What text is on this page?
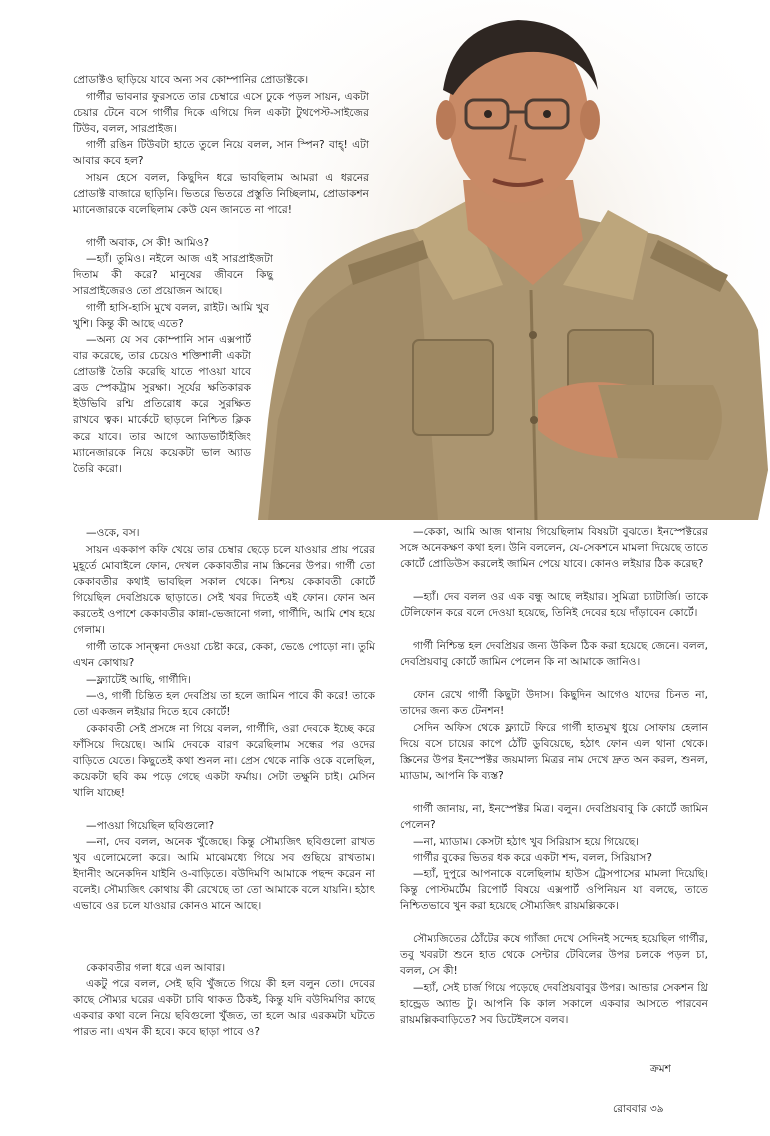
প্রোডাক্টও ছাড়িয়ে যাবে অন্য সব কোম্পানির প্রোডাক্টকে।
গার্গীর ভাবনার ফুরসতে তার চেম্বারে এসে ঢুকে পড়ল সায়ন, একটা চেয়ার টেনে বসে গার্গীর দিকে এগিয়ে দিল একটা টুথপেস্ট-সাইজের টিউব, বলল, সারপ্রাইজ।
গার্গী রঙিন টিউবটা হাতে তুলে নিয়ে বলল, সান স্পিন? বাহ্! এটা আবার কবে হল?
সায়ন হেসে বলল, কিছুদিন ধরে ভাবছিলাম আমরা এ ধরনের প্রোডাক্ট বাজারে ছাড়িনি। ভিতরে ভিতরে প্রস্তুতি নিচ্ছিলাম, প্রোডাকশন ম্যানেজারকে বলেছিলাম কেউ যেন জানতে না পারে!
গার্গী অবাক, সে কী! আমিও?
—হ্যাঁ। তুমিও। নইলে আজ এই সারপ্রাইজটা দিতাম কী করে? মানুষের জীবনে কিছু সারপ্রাইজেরও তো প্রয়োজন আছে।
গার্গী হাসি-হাসি মুখে বলল, রাইট। আমি খুব খুশি। কিন্তু কী আছে এতে?
—অন্য যে সব কোম্পানি সান এক্সপার্ট বার করেছে, তার চেয়েও শক্তিশালী একটা প্রোডাক্ট তৈরি করেছি যাতে পাওয়া যাবে ব্রড স্পেকট্রাম সুরক্ষা। সূর্যের ক্ষতিকারক ইউভিবি রশ্মি প্রতিরোধ করে সুরক্ষিত রাখবে ত্বক। মার্কেটে ছাড়লে নিশ্চিত ক্লিক করে যাবে। তার আগে অ্যাডভার্টাইজিং ম্যানেজারকে নিয়ে কয়েকটা ভাল অ্যাড তৈরি করো।
—ওকে, বস।
সায়ন এককাপ কফি খেয়ে তার চেম্বার ছেড়ে চলে যাওয়ার প্রায় পরের মুহূর্তে মোবাইলে ফোন, দেখল কেকাবতীর নাম স্ক্রিনের উপর। গার্গী তো কেকাবতীর কথাই ভাবছিল সকাল থেকে। নিশ্চয় কেকাবতী কোর্টে গিয়েছিল দেবপ্রিয়কে ছাড়াতে। সেই খবর দিতেই এই ফোন। ফোন অন করতেই ওপাশে কেকাবতীর কান্না-ভেজানো গলা, গার্গীদি, আমি শেষ হয়ে গেলাম।
গার্গী তাকে সান্ত্বনা দেওয়া চেষ্টা করে, কেকা, ভেঙে পোড়ো না। তুমি এখন কোথায়?
—ফ্ল্যাটেই আছি, গার্গীদি।
—ও, গার্গী চিন্তিত হল দেবপ্রিয় তা হলে জামিন পাবে কী করে! তাকে তো একজন লইয়ার দিতে হবে কোর্টে!
কেকাবতী সেই প্রসঙ্গে না গিয়ে বলল, গার্গীদি, ওরা দেবকে ইচ্ছে করে ফাঁসিয়ে দিয়েছে। আমি দেবকে বারণ করেছিলাম সন্ধের পর ওদের বাড়িতে যেতে। কিছুতেই কথা শুনল না। প্রেস থেকে নাকি ওকে বলেছিল, কয়েকটা ছবি কম পড়ে গেছে একটা ফর্মায়। সেটা তক্ষুনি চাই। মেসিন খালি যাচ্ছে!
—পাওয়া গিয়েছিল ছবিগুলো?
—না, দেব বলল, অনেক খুঁজেছে। কিন্তু সৌম্যজিৎ ছবিগুলো রাখত খুব এলোমেলো করে। আমি মাঝেমধ্যে গিয়ে সব গুছিয়ে রাখতাম। ইদানীং অনেকদিন যাইনি ও-বাড়িতে। বউদিমণি আমাকে পছন্দ করেন না বলেই। সৌম্যজিৎ কোথায় কী রেখেছে তা তো আমাকে বলে যায়নি। হঠাৎ এভাবে ওর চলে যাওয়ার কোনও মানে আছে।
কেকাবতীর গলা ধরে এল আবার।
একটু পরে বলল, সেই ছবি খুঁজতে গিয়ে কী হল বলুন তো। দেবের কাছে সৌম্যর ঘরের একটা চাবি থাকত ঠিকই, কিন্তু যদি বউদিমণির কাছে একবার কথা বলে নিয়ে ছবিগুলো খুঁজত, তা হলে আর এরকমটা ঘটতে পারত না। এখন কী হবে। কবে ছাড়া পাবে ও?
—কেকা, আমি আজ থানায় গিয়েছিলাম বিষয়টা বুঝতে। ইনস্পেক্টরের সঙ্গে অনেকক্ষণ কথা হল। উনি বললেন, যে-সেকশনে মামলা দিয়েছে তাতে কোর্টে প্রোডিউস করলেই জামিন পেয়ে যাবে। কোনও লইয়ার ঠিক করেছ?
—হ্যাঁ। দেব বলল ওর এক বন্ধু আছে লইয়ার। সুমিত্রা চ্যাটার্জি। তাকে টেলিফোন করে বলে দেওয়া হয়েছে, তিনিই দেবের হয়ে দাঁড়াবেন কোর্টে।
গার্গী নিশ্চিন্ত হল দেবপ্রিয়র জন্য উকিল ঠিক করা হয়েছে জেনে। বলল, দেবপ্রিয়বাবু কোর্টে জামিন পেলেন কি না আমাকে জানিও।
ফোন রেখে গার্গী কিছুটা উদাস। কিছুদিন আগেও যাদের চিনত না, তাদের জন্য কত টেনশন!
সেদিন অফিস থেকে ফ্ল্যাটে ফিরে গার্গী হাতমুখ ধুয়ে সোফায় হেলান দিয়ে বসে চায়ের কাপে ঠোঁট ডুবিয়েছে, হঠাৎ ফোন এল থানা থেকে। স্ক্রিনের উপর ইনস্পেক্টর জয়মাল্য মিত্রর নাম দেখে দ্রুত অন করল, শুনল, ম্যাডাম, আপনি কি ব্যস্ত?
গার্গী জানায়, না, ইনস্পেক্টর মিত্র। বলুন। দেবপ্রিয়বাবু কি কোর্টে জামিন পেলেন?
—না, ম্যাডাম। কেসটা হঠাৎ খুব সিরিয়াস হয়ে গিয়েছে।
গার্গীর বুকের ভিতর ধক করে একটা শব্দ, বলল, সিরিয়াস?
—হ্যাঁ, দুপুরে আপনাকে বলেছিলাম হাউস ট্রেসপাসের মামলা দিয়েছি। কিন্তু পোস্টমর্টেম রিপোর্ট বিষয়ে এক্সপার্ট ওপিনিয়ন যা বলছে, তাতে নিশ্চিতভাবে খুন করা হয়েছে সৌম্যজিৎ রায়মল্লিককে।
সৌম্যজিতের ঠোঁটের কষে গ্যাঁজা দেখে সেদিনই সন্দেহ হয়েছিল গার্গীর, তবু খবরটা শুনে হাত থেকে সেন্টার টেবিলের উপর চলকে পড়ল চা, বলল, সে কী!
—হ্যাঁ, সেই চার্জ গিয়ে পড়েছে দেবপ্রিয়বাবুর উপর। আন্ডার সেকশন থ্রি হান্ড্রেড অ্যান্ড টু। আপনি কি কাল সকালে একবার আসতে পারবেন রায়মল্লিকবাড়িতে? সব ডিটেইলসে বলব।
ক্রমশ
রোববার ৩৯
